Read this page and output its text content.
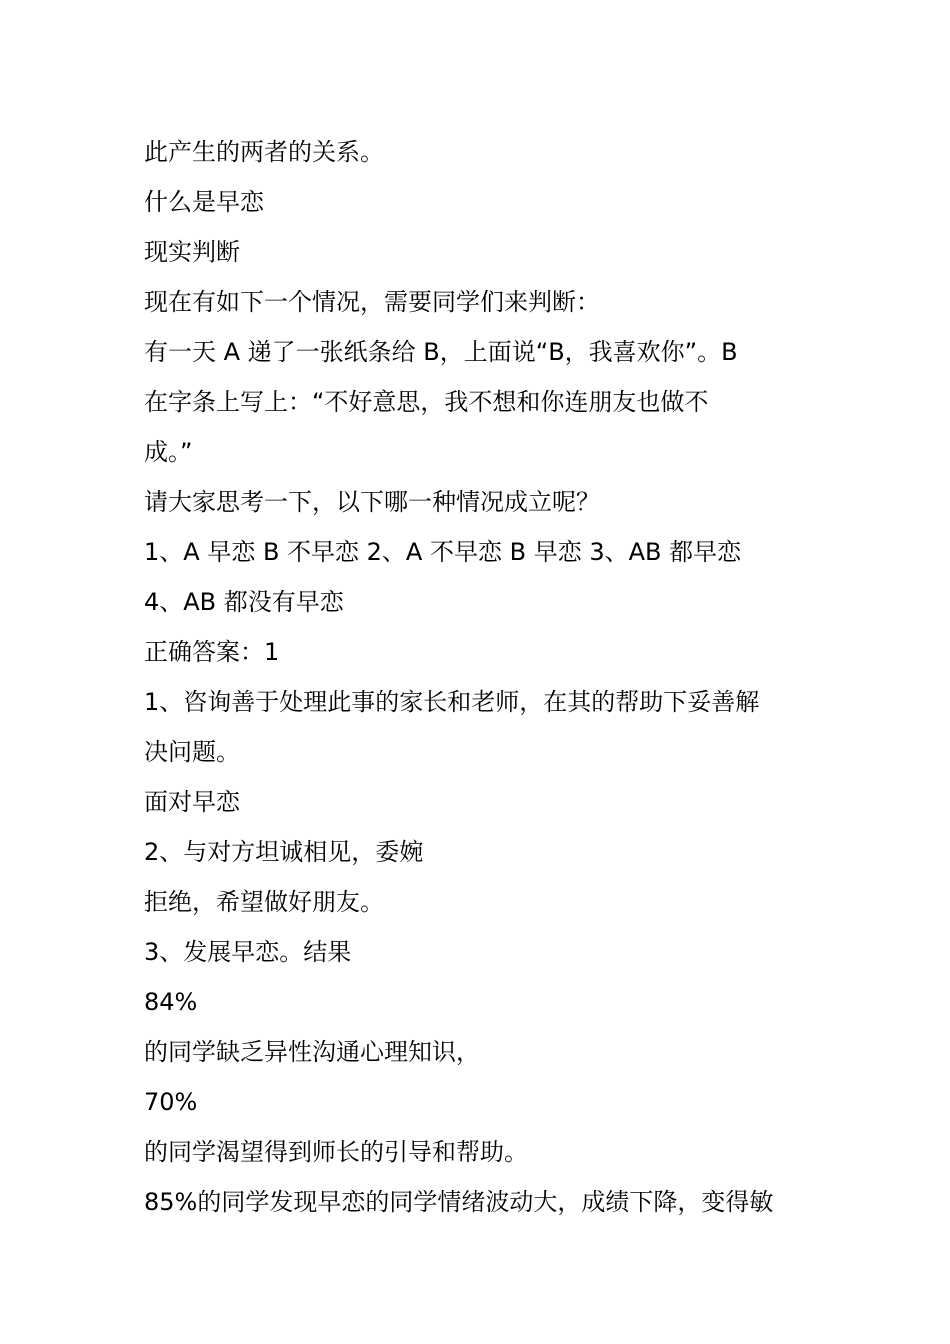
此产生的两者的关系。
什么是早恋
现实判断
现在有如下一个情况，需要同学们来判断：
有一天 A 递了一张纸条给 B，上面说“B，我喜欢你”。B
在字条上写上：“不好意思，我不想和你连朋友也做不
成。”
请大家思考一下，以下哪一种情况成立呢？
1、A 早恋 B 不早恋 2、A 不早恋 B 早恋 3、AB 都早恋
4、AB 都没有早恋
正确答案：1
1、咨询善于处理此事的家长和老师，在其的帮助下妥善解
决问题。
面对早恋
2、与对方坦诚相见，委婉
拒绝，希望做好朋友。
3、发展早恋。结果
84%
的同学缺乏异性沟通心理知识，
70%
的同学渴望得到师长的引导和帮助。
85%的同学发现早恋的同学情绪波动大，成绩下降，变得敏
